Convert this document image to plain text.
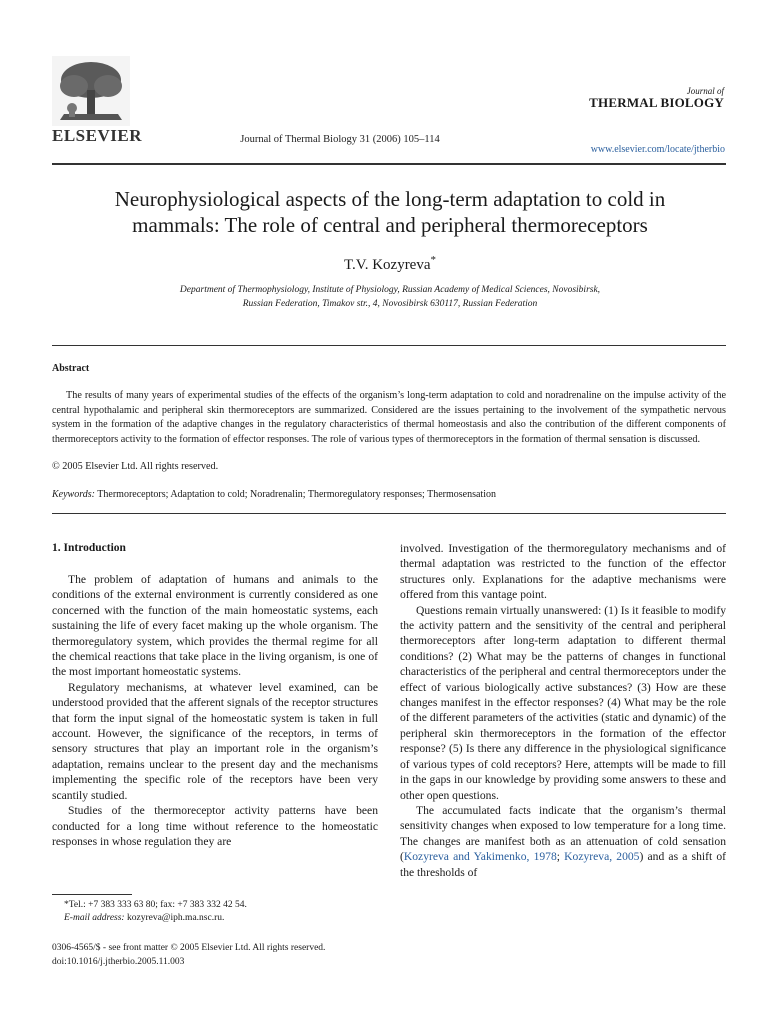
ELSEVIER	Journal of Thermal Biology 31 (2006) 105–114
Journal of
THERMAL BIOLOGY
www.elsevier.com/locate/jtherbio
Neurophysiological aspects of the long-term adaptation to cold in
mammals: The role of central and peripheral thermoreceptors
T.V. Kozyreva*
Department of Thermophysiology, Institute of Physiology, Russian Academy of Medical Sciences, Novosibirsk,
Russian Federation, Timakov str., 4, Novosibirsk 630117, Russian Federation
Abstract

The results of many years of experimental studies of the effects of the organism’s long-term adaptation to cold and noradrenaline on the impulse activity of the central hypothalamic and peripheral skin thermoreceptors are summarized. Considered are the issues pertaining to the involvement of the sympathetic nervous system in the formation of the adaptive changes in the regulatory characteristics of thermal homeostasis and also the contribution of the different components of thermoreceptors activity to the formation of effector responses. The role of various types of thermoreceptors in the formation of thermal sensation is discussed.

© 2005 Elsevier Ltd. All rights reserved.
Keywords: Thermoreceptors; Adaptation to cold; Noradrenalin; Thermoregulatory responses; Thermosensation
1. Introduction

The problem of adaptation of humans and animals to the conditions of the external environment is currently considered as one concerned with the function of the main homeostatic systems, each sustaining the life of every facet making up the whole organism. The thermoregulatory system, which provides the thermal regime for all the chemical reactions that take place in the living organism, is one of the most important homeostatic systems.

Regulatory mechanisms, at whatever level examined, can be understood provided that the afferent signals of the receptor structures that form the input signal of the homeostatic system is taken in full account. However, the significance of the receptors, in terms of sensory structures that play an important role in the organism’s adaptation, remains unclear to the present day and the mechanisms implementing the specific role of the receptors have been very scantily studied.

Studies of the thermoreceptor activity patterns have been conducted for a long time without reference to the homeostatic responses in whose regulation they are

involved. Investigation of the thermoregulatory mechanisms and of thermal adaptation was restricted to the function of the effector structures only. Explanations for the adaptive mechanisms were offered from this vantage point.

Questions remain virtually unanswered: (1) Is it feasible to modify the activity pattern and the sensitivity of the central and peripheral thermoreceptors after long-term adaptation to different thermal conditions? (2) What may be the patterns of changes in functional characteristics of the peripheral and central thermoreceptors under the effect of various biologically active substances? (3) How are these changes manifest in the effector responses? (4) What may be the role of the different parameters of the activities (static and dynamic) of the peripheral skin thermoreceptors in the formation of the effector response? (5) Is there any difference in the physiological significance of various types of cold receptors? Here, attempts will be made to fill in the gaps in our knowledge by providing some answers to these and other open questions.

The accumulated facts indicate that the organism’s thermal sensitivity changes when exposed to low temperature for a long time. The changes are manifest both as an attenuation of cold sensation (Kozyreva and Yakimenko, 1978; Kozyreva, 2005) and as a shift of the thresholds of

*Tel.: +7 383 333 63 80; fax: +7 383 332 42 54.
E-mail address: kozyreva@iph.ma.nsc.ru.
0306-4565/$ - see front matter © 2005 Elsevier Ltd. All rights reserved.
doi:10.1016/j.jtherbio.2005.11.003
